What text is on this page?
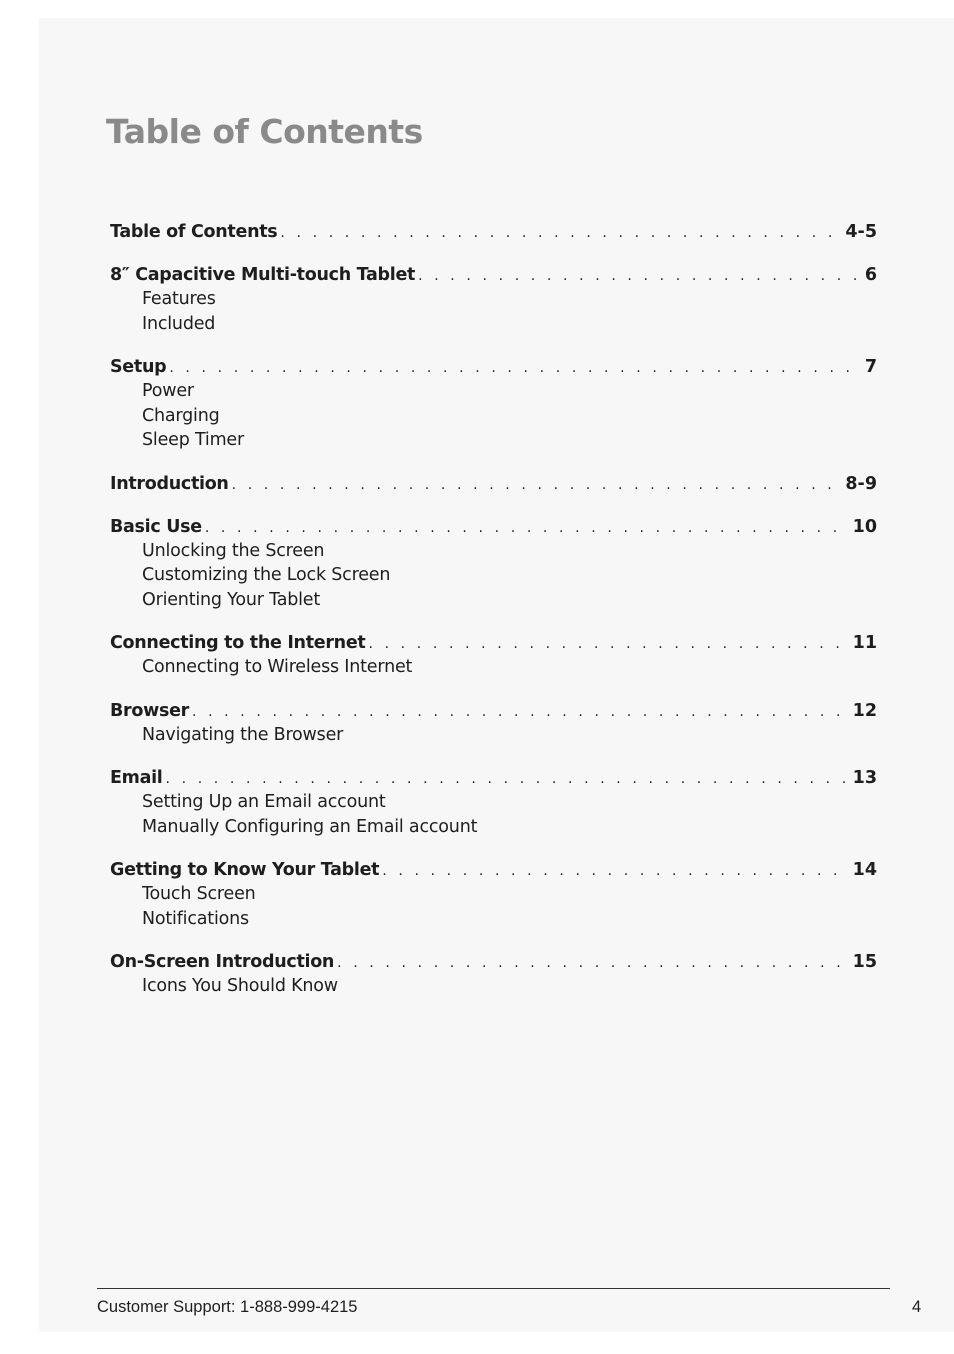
Table of Contents
Table of Contents . . .	4-5
8″ Capacitive Multi-touch Tablet . . .	6
Features
Included
Setup . . .	7
Power
Charging
Sleep Timer
Introduction . . .	8-9
Basic Use . . .	10
Unlocking the Screen
Customizing the Lock Screen
Orienting Your Tablet
Connecting to the Internet . . .	11
Connecting to Wireless Internet
Browser . . .	12
Navigating the Browser
Email . . .	13
Setting Up an Email account
Manually Configuring an Email account
Getting to Know Your Tablet . . .	14
Touch Screen
Notifications
On-Screen Introduction . . .	15
Icons You Should Know
Customer Support: 1-888-999-4215	4
